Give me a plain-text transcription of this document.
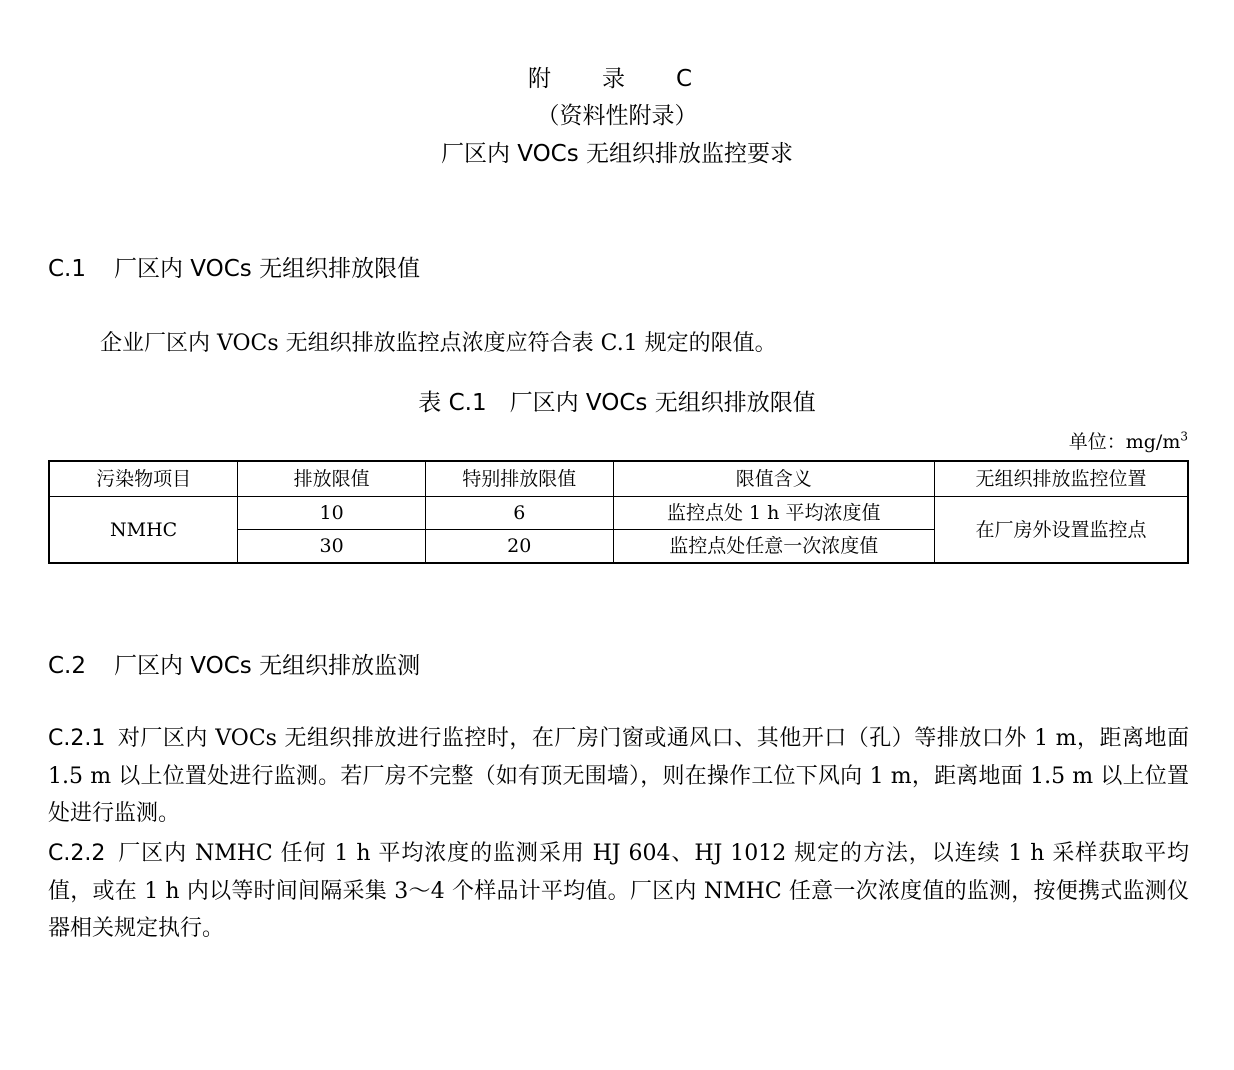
附　录　C
（资料性附录）
厂区内 VOCs 无组织排放监控要求
C.1 厂区内 VOCs 无组织排放限值
企业厂区内 VOCs 无组织排放监控点浓度应符合表 C.1 规定的限值。
表 C.1　 厂区内 VOCs 无组织排放限值
单位：$mg/m^3$
污染物项目	排放限值	特别排放限值	限值含义	无组织排放监控位置
NMHC	10	6	监控点处 1 h 平均浓度值	在厂房外设置监控点
	30	20	监控点处任意一次浓度值	
C.2 厂区内 VOCs 无组织排放监测
C.2.1 对厂区内 VOCs 无组织排放进行监控时，在厂房门窗或通风口、其他开口（孔）等排放口外 1 m，距离地面 1.5 m 以上位置处进行监测。若厂房不完整（如有顶无围墙），则在操作工位下风向 1 m，距离地面 1.5 m 以上位置处进行监测。
C.2.2 厂区内 NMHC 任何 1 h 平均浓度的监测采用 HJ 604、HJ 1012 规定的方法，以连续 1 h 采样获取平均值，或在 1 h 内以等时间间隔采集 3～4 个样品计平均值。厂区内 NMHC 任意一次浓度值的监测，按便携式监测仪器相关规定执行。
